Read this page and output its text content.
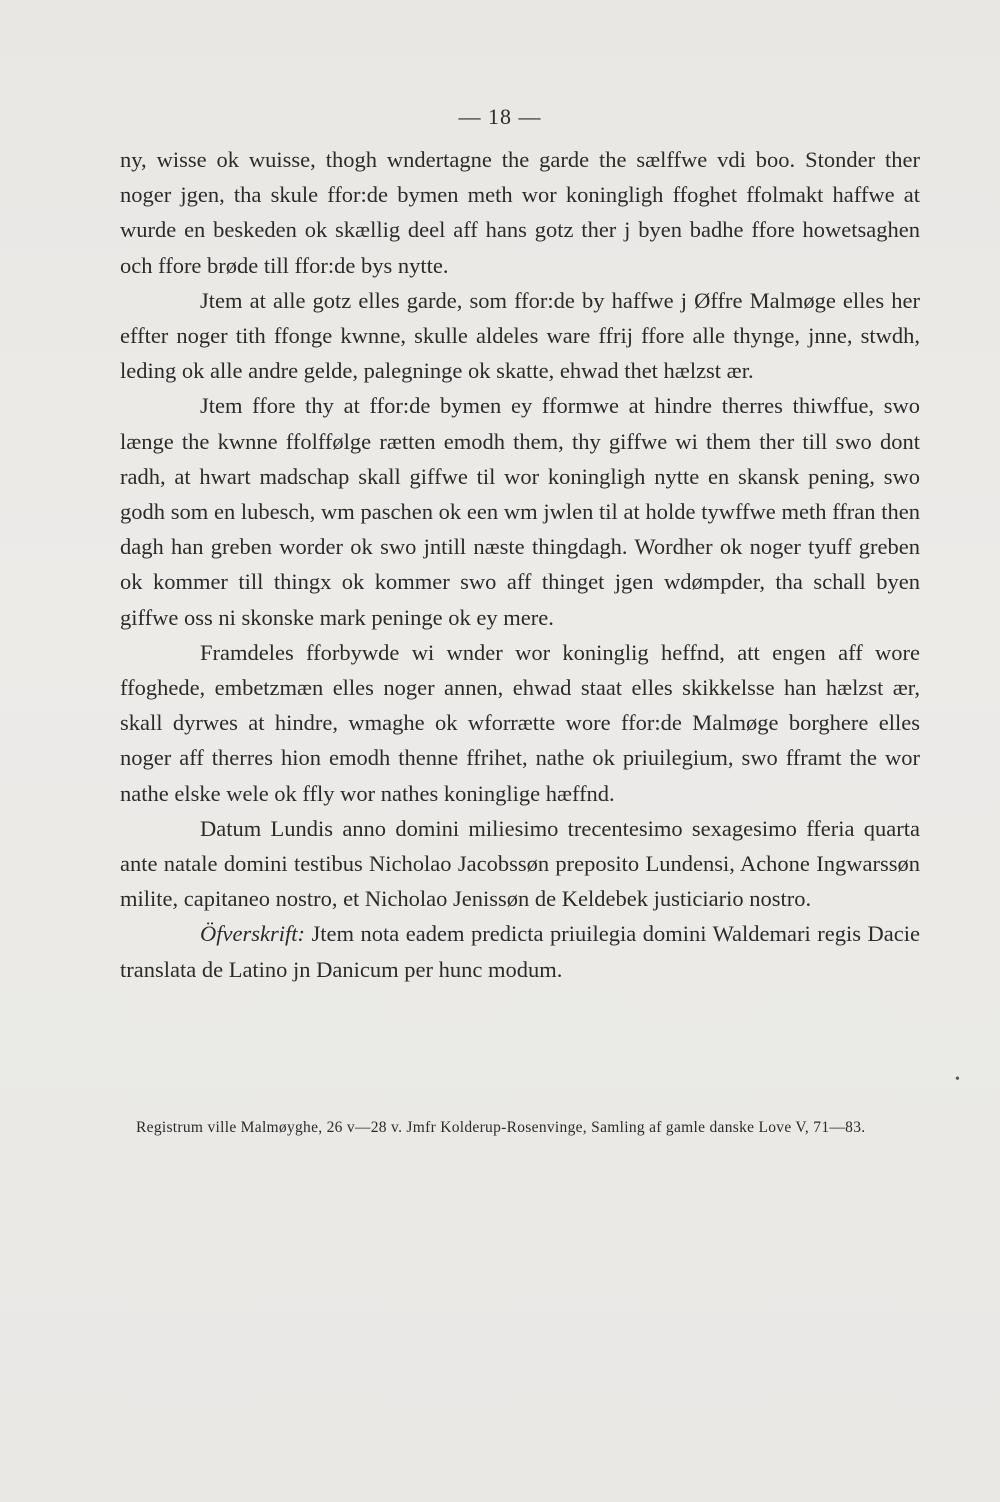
— 18 —

ny, wisse ok wuisse, thogh wndertagne the garde the sælffwe vdi boo. Stonder ther noger jgen, tha skule ffor:de bymen meth wor koningligh ffoghet ffolmakt haffwe at wurde en beskeden ok skællig deel aff hans gotz ther j byen badhe ffore howetsaghen och ffore brøde till ffor:de bys nytte.

Jtem at alle gotz elles garde, som ffor:de by haffwe j Øffre Malmøge elles her effter noger tith ffonge kwnne, skulle aldeles ware ffrij ffore alle thynge, jnne, stwdh, leding ok alle andre gelde, palegninge ok skatte, ehwad thet hælzst ær.

Jtem ffore thy at ffor:de bymen ey fformwe at hindre therres thiwffue, swo længe the kwnne ffolffølge rætten emodh them, thy giffwe wi them ther till swo dont radh, at hwart madschap skall giffwe til wor koningligh nytte en skansk pening, swo godh som en lubesch, wm paschen ok een wm jwlen til at holde tywffwe meth ffran then dagh han greben worder ok swo jntill næste thingdagh. Wordher ok noger tyuff greben ok kommer till thingx ok kommer swo aff thinget jgen wdømpder, tha schall byen giffwe oss ni skonske mark peninge ok ey mere.

Framdeles fforbywde wi wnder wor koninglig heffnd, att engen aff wore ffoghede, embetzmæn elles noger annen, ehwad staat elles skikkelsse han hælzst ær, skall dyrwes at hindre, wmaghe ok wforrætte wore ffor:de Malmøge borghere elles noger aff therres hion emodh thenne ffrihet, nathe ok priuilegium, swo fframt the wor nathe elske wele ok ffly wor nathes koninglige hæffnd.

Datum Lundis anno domini miliesimo trecentesimo sexagesimo fferia quarta ante natale domini testibus Nicholao Jacobssøn preposito Lundensi, Achone Ingwarssøn milite, capitaneo nostro, et Nicholao Jenissøn de Keldebek justiciario nostro.

Öfverskrift: Jtem nota eadem predicta priuilegia domini Waldemari regis Dacie translata de Latino jn Danicum per hunc modum.

Registrum ville Malmøyghe, 26 v—28 v. Jmfr Kolderup-Rosenvinge, Samling af gamle danske Love V, 71—83.
•
